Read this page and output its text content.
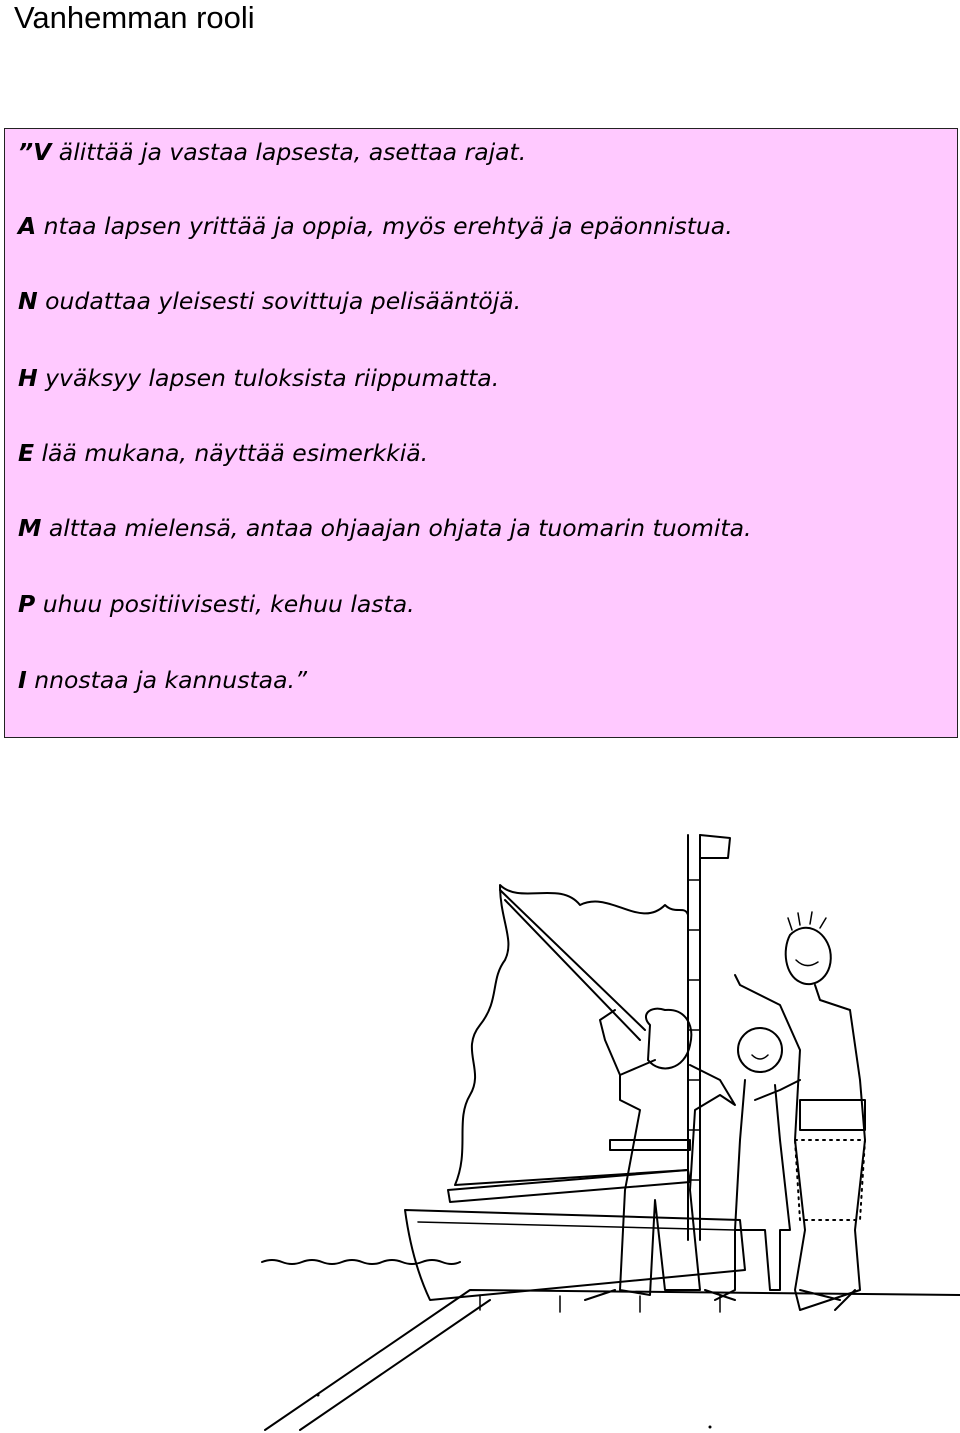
Vanhemman rooli
”V älittää ja vastaa lapsesta, asettaa rajat.
A ntaa lapsen yrittää ja oppia, myös erehtyä ja epäonnistua.
N oudattaa yleisesti sovittuja pelisääntöjä.
H yväksyy lapsen tuloksista riippumatta.
E lää mukana, näyttää esimerkkiä.
M alttaa mielensä, antaa ohjaajan ohjata ja tuomarin tuomita.
P uhuu positiivisesti, kehuu lasta.
I nnostaa ja kannustaa.”
